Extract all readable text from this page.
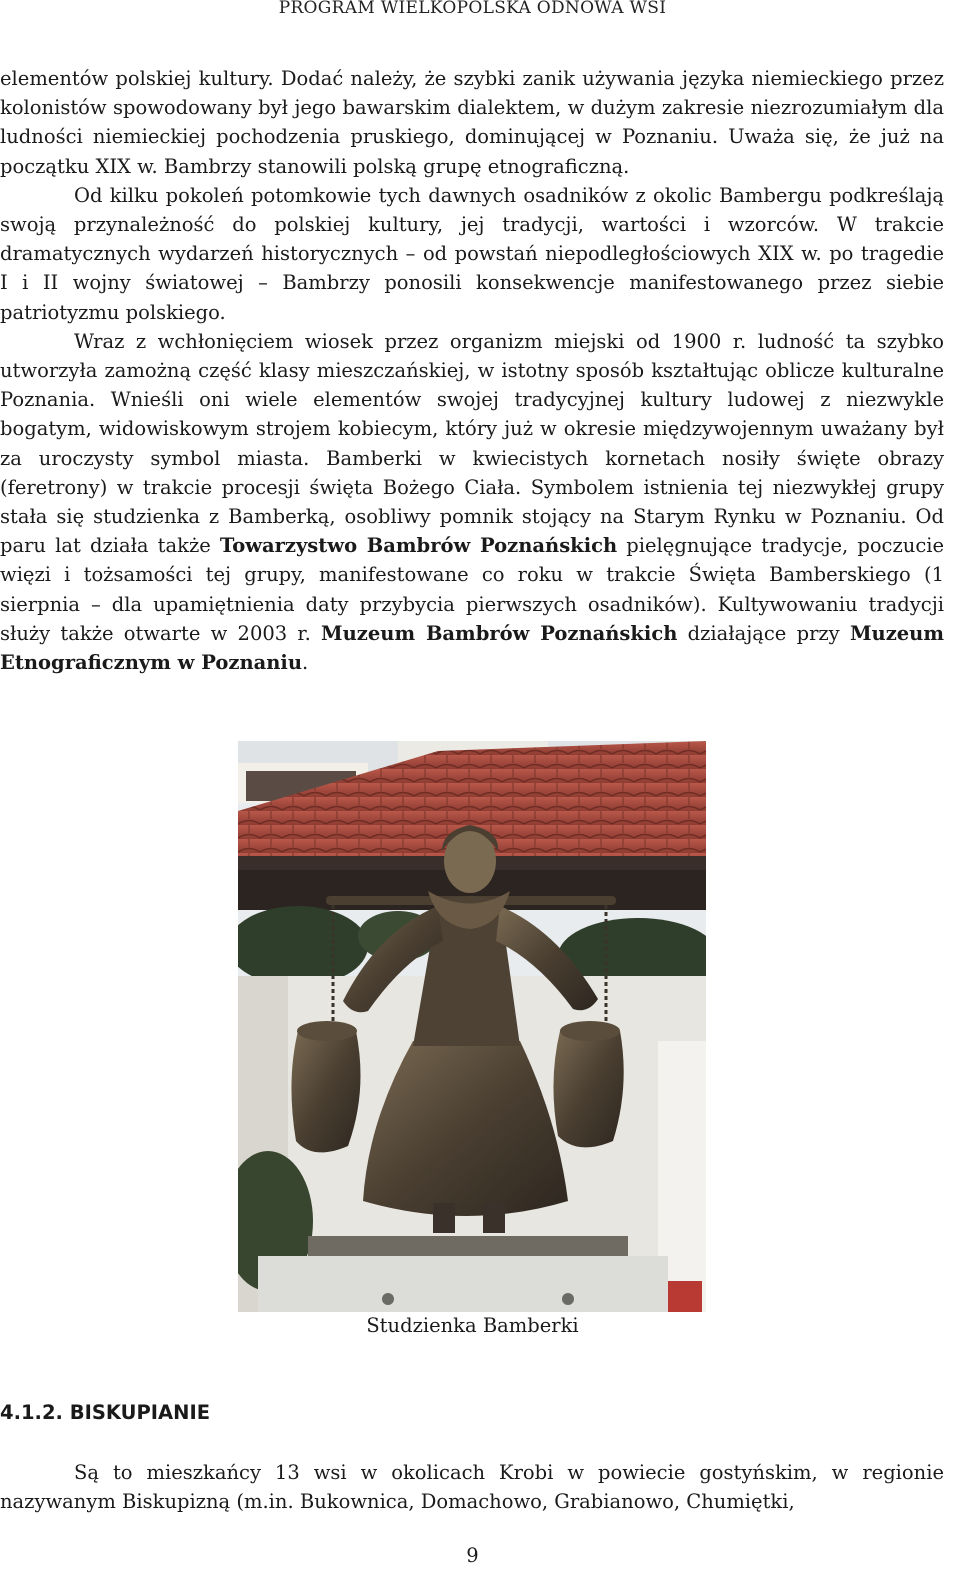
PROGRAM WIELKOPOLSKA ODNOWA WSI

elementów polskiej kultury. Dodać należy, że szybki zanik używania języka niemieckiego przez kolonistów spowodowany był jego bawarskim dialektem, w dużym zakresie niezrozumiałym dla ludności niemieckiej pochodzenia pruskiego, dominującej w Poznaniu. Uważa się, że już na początku XIX w. Bambrzy stanowili polską grupę etnograficzną.

Od kilku pokoleń potomkowie tych dawnych osadników z okolic Bambergu podkreślają swoją przynależność do polskiej kultury, jej tradycji, wartości i wzorców. W trakcie dramatycznych wydarzeń historycznych – od powstań niepodległościowych XIX w. po tragedie I i II wojny światowej – Bambrzy ponosili konsekwencje manifestowanego przez siebie patriotyzmu polskiego.

Wraz z wchłonięciem wiosek przez organizm miejski od 1900 r. ludność ta szybko utworzyła zamożną część klasy mieszczańskiej, w istotny sposób kształtując oblicze kulturalne Poznania. Wnieśli oni wiele elementów swojej tradycyjnej kultury ludowej z niezwykle bogatym, widowiskowym strojem kobiecym, który już w okresie międzywojennym uważany był za uroczysty symbol miasta. Bamberki w kwiecistych kornetach nosiły święte obrazy (feretrony) w trakcie procesji święta Bożego Ciała. Symbolem istnienia tej niezwykłej grupy stała się studzienka z Bamberką, osobliwy pomnik stojący na Starym Rynku w Poznaniu. Od paru lat działa także Towarzystwo Bambrów Poznańskich pielęgnujące tradycje, poczucie więzi i tożsamości tej grupy, manifestowane co roku w trakcie Święta Bamberskiego (1 sierpnia – dla upamiętnienia daty przybycia pierwszych osadników). Kultywowaniu tradycji służy także otwarte w 2003 r. Muzeum Bambrów Poznańskich działające przy Muzeum Etnograficznym w Poznaniu.

Studzienka Bamberki
4.1.2. BISKUPIANIE

Są to mieszkańcy 13 wsi w okolicach Krobi w powiecie gostyńskim, w regionie nazywanym Biskupizną (m.in. Bukownica, Domachowo, Grabianowo, Chumiętki,

9
